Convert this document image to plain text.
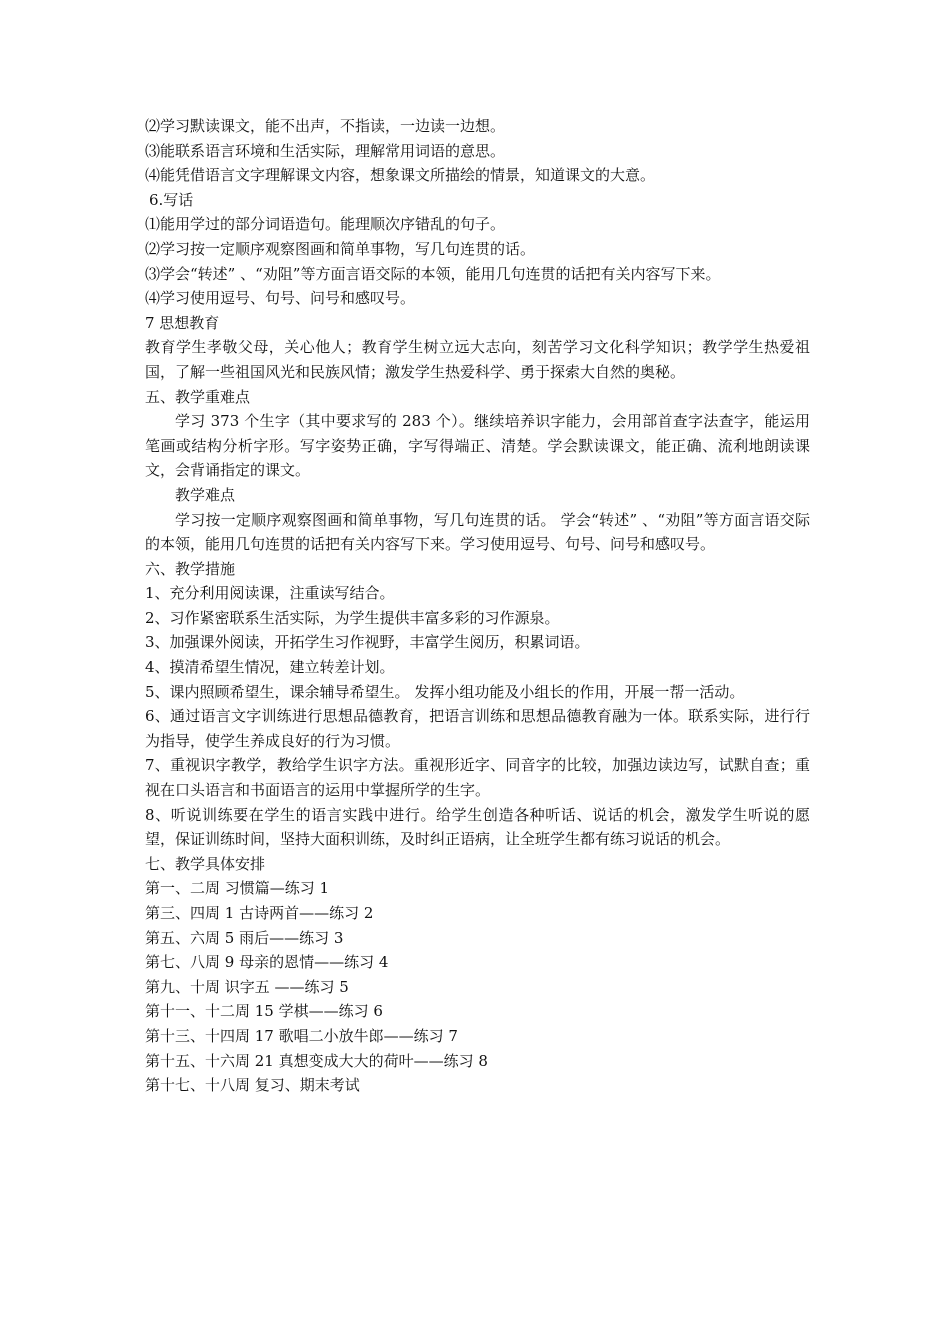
⑵学习默读课文，能不出声，不指读，一边读一边想。

⑶能联系语言环境和生活实际，理解常用词语的意思。

⑷能凭借语言文字理解课文内容，想象课文所描绘的情景，知道课文的大意。

6.写话

⑴能用学过的部分词语造句。能理顺次序错乱的句子。

⑵学习按一定顺序观察图画和简单事物，写几句连贯的话。

⑶学会“转述” 、“劝阻”等方面言语交际的本领，能用几句连贯的话把有关内容写下来。

⑷学习使用逗号、句号、问号和感叹号。

7 思想教育

教育学生孝敬父母，关心他人；教育学生树立远大志向，刻苦学习文化科学知识；教学学生热爱祖国，了解一些祖国风光和民族风情；激发学生热爱科学、勇于探索大自然的奥秘。

五、教学重难点

学习 373 个生字（其中要求写的 283 个）。继续培养识字能力，会用部首查字法查字，能运用笔画或结构分析字形。写字姿势正确，字写得端正、清楚。学会默读课文，能正确、流利地朗读课文，会背诵指定的课文。

教学难点

学习按一定顺序观察图画和简单事物，写几句连贯的话。 学会“转述” 、“劝阻”等方面言语交际的本领，能用几句连贯的话把有关内容写下来。学习使用逗号、句号、问号和感叹号。

六、教学措施

1、充分利用阅读课，注重读写结合。

2、习作紧密联系生活实际，为学生提供丰富多彩的习作源泉。

3、加强课外阅读，开拓学生习作视野，丰富学生阅历，积累词语。

4、摸清希望生情况，建立转差计划。

5、课内照顾希望生，课余辅导希望生。 发挥小组功能及小组长的作用，开展一帮一活动。

6、通过语言文字训练进行思想品德教育，把语言训练和思想品德教育融为一体。联系实际，进行行为指导，使学生养成良好的行为习惯。

7、重视识字教学，教给学生识字方法。重视形近字、同音字的比较，加强边读边写，试默自查；重视在口头语言和书面语言的运用中掌握所学的生字。

8、听说训练要在学生的语言实践中进行。给学生创造各种听话、说话的机会，激发学生听说的愿望，保证训练时间，坚持大面积训练，及时纠正语病，让全班学生都有练习说话的机会。

七、教学具体安排

第一、二周 习惯篇—练习 1

第三、四周 1 古诗两首——练习 2

第五、六周 5 雨后——练习 3

第七、八周 9 母亲的恩情——练习 4

第九、十周 识字五 ——练习 5

第十一、十二周 15 学棋——练习 6

第十三、十四周 17 歌唱二小放牛郎——练习 7

第十五、十六周 21 真想变成大大的荷叶——练习 8

第十七、十八周 复习、期末考试
